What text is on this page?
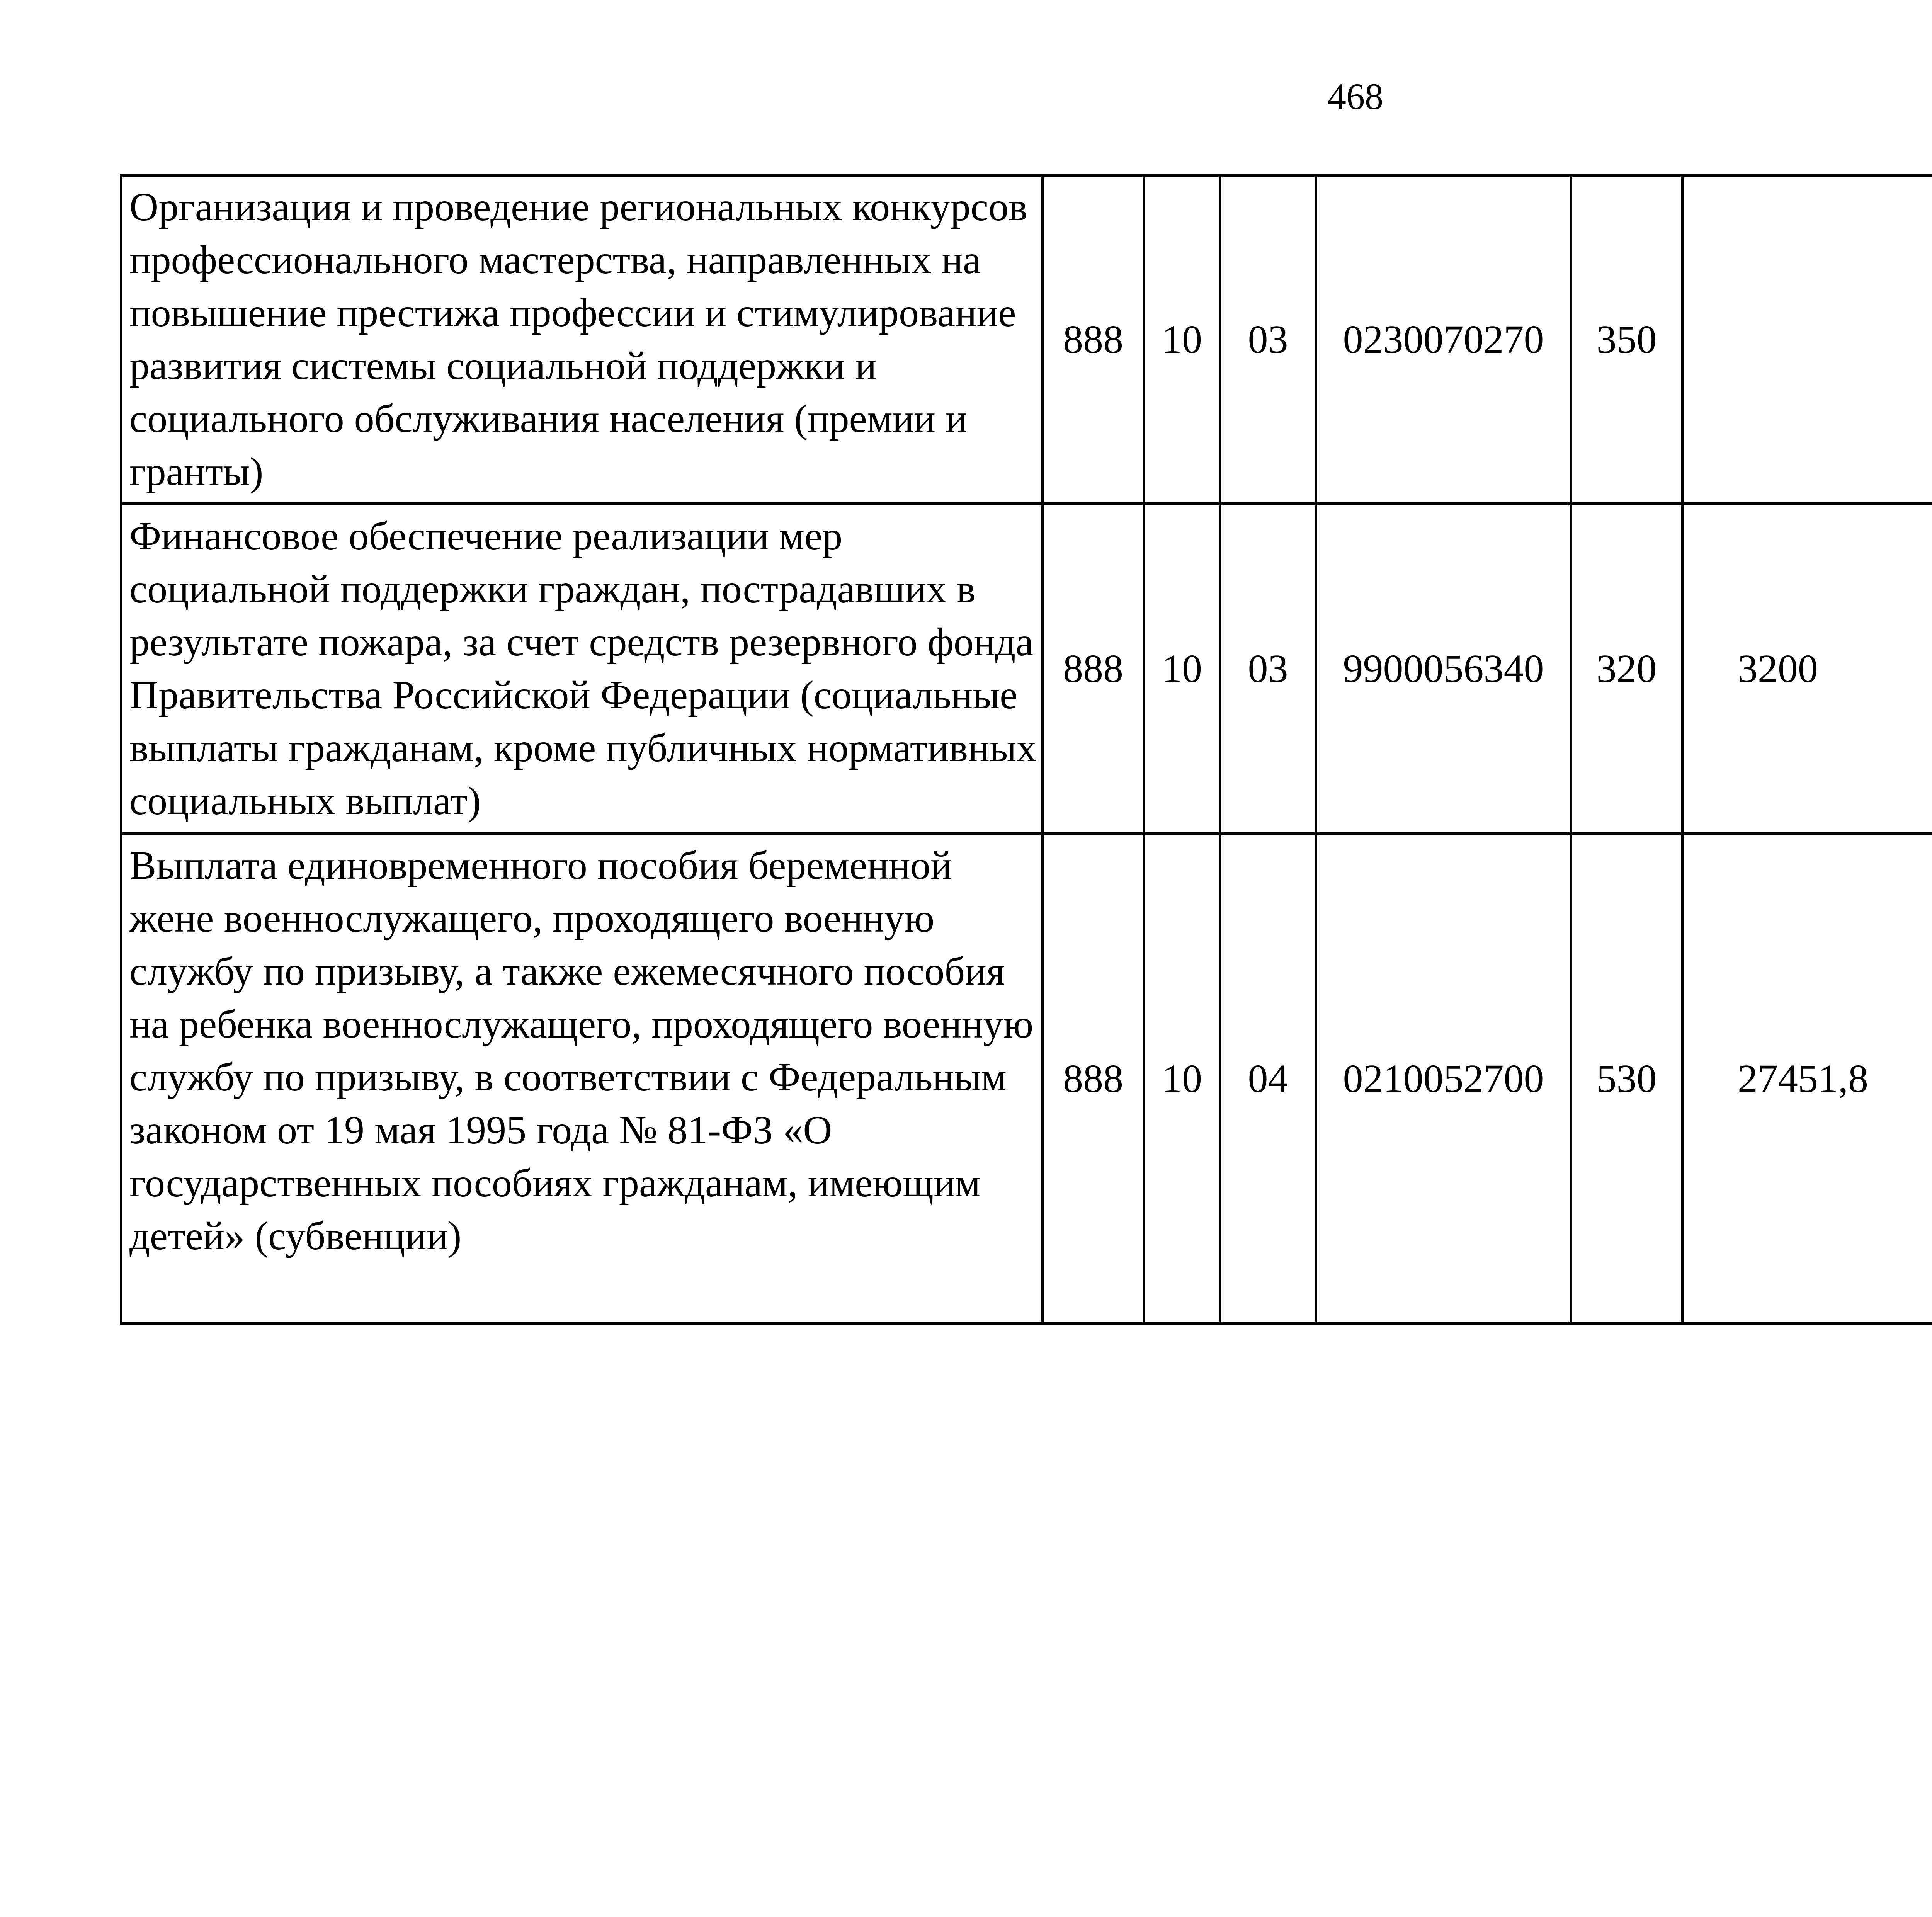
468
Организация и проведение региональных конкурсов профессионального мастерства, направленных на повышение престижа профессии и стимулирование развития системы социальной поддержки и социального обслуживания населения (премии и гранты)	888	10	03	0230070270	350			
Финансовое обеспечение реализации мер социальной поддержки граждан, пострадавших в результате пожара, за счет средств резервного фонда Правительства Российской Федерации (социальные выплаты гражданам, кроме публичных нормативных социальных выплат)	888	10	03	9900056340	320	3200		
Выплата единовременного пособия беременной жене военнослужащего, проходящего военную службу по призыву, а также ежемесячного пособия на ребенка военнослужащего, проходящего военную службу по призыву, в соответствии с Федеральным законом от 19 мая 1995 года № 81-ФЗ «О государственных пособиях гражданам, имеющим детей» (субвенции)	888	10	04	0210052700	530	27451,8		
